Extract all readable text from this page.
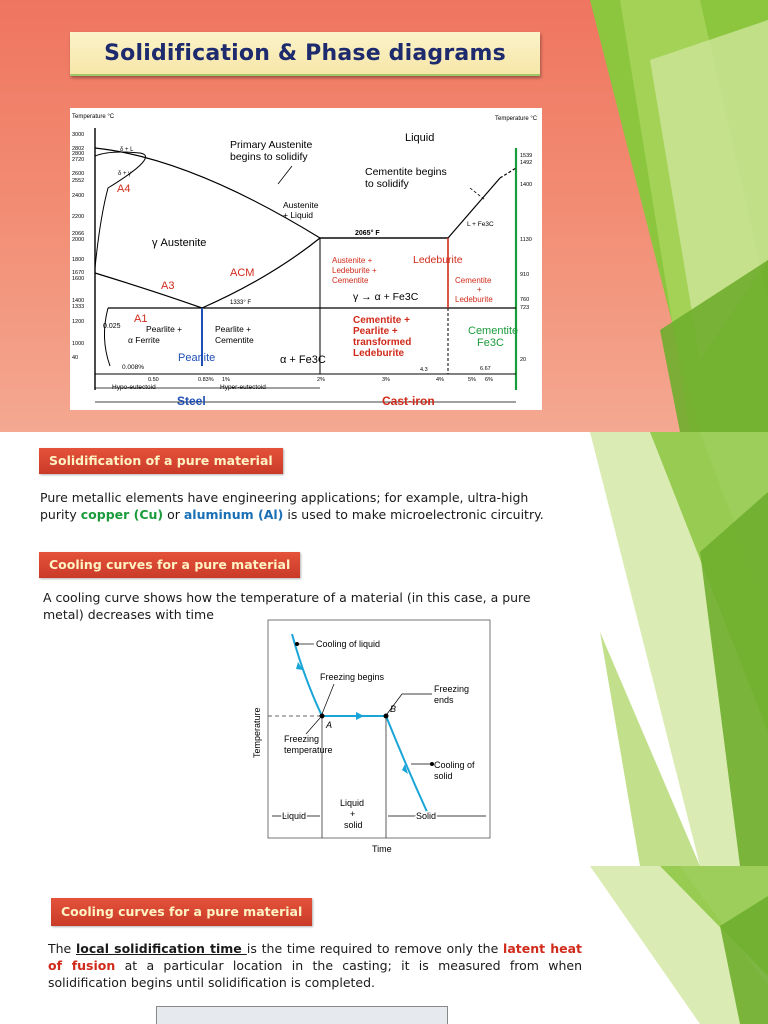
Solidification & Phase diagrams
Temperature °C
3000
2802
2800
2720
2600
2552
2400
2200
2066
2000
1800
1670
1600
1400
1333
1200
1000
40
Temperature °C
1539
1492
1400
1130
910
760
723
20
Liquid
Primary Austenite
begins to solidify
Cementite begins
to solidify
δ + L
δ + γ
Austenite
+ Liquid
L + Fe3C
2065° F
γ Austenite
Ledeburite
Austenite +
Ledeburite +
Cementite	Cementite
+
Ledeburite
γ → α + Fe3C
1333° F
ACM
A4
A3
A1
0.025	Pearlite +
α Ferrite
Pearlite +
Cementite
Cementite +
Pearlite +
transformed
Ledeburite
Cementite
Fe3C
Pearlite	α + Fe3C
0.008%
0.50	0.83% 1%	2%	3%	4%
4.3
5% 6%
6.67
Hypo-eutectoid	Hyper-eutectoid
Steel	Cast-iron
Solidification of a pure material
Pure metallic elements have engineering applications; for example, ultra-high purity copper (Cu) or aluminum (Al) is used to make microelectronic circuitry.
Cooling curves for a pure material
A cooling curve shows how the temperature of a material (in this case, a pure metal) decreases with time
Cooling of liquid
Freezing begins
Freezing
ends
A
B
Freezing
temperature
Cooling of
solid
Temperature
Liquid
Liquid
+
solid
Solid
Time
Cooling curves for a pure material
The local solidification time is the time required to remove only the latent heat of fusion at a particular location in the casting; it is measured from when solidification begins until solidification is completed.
